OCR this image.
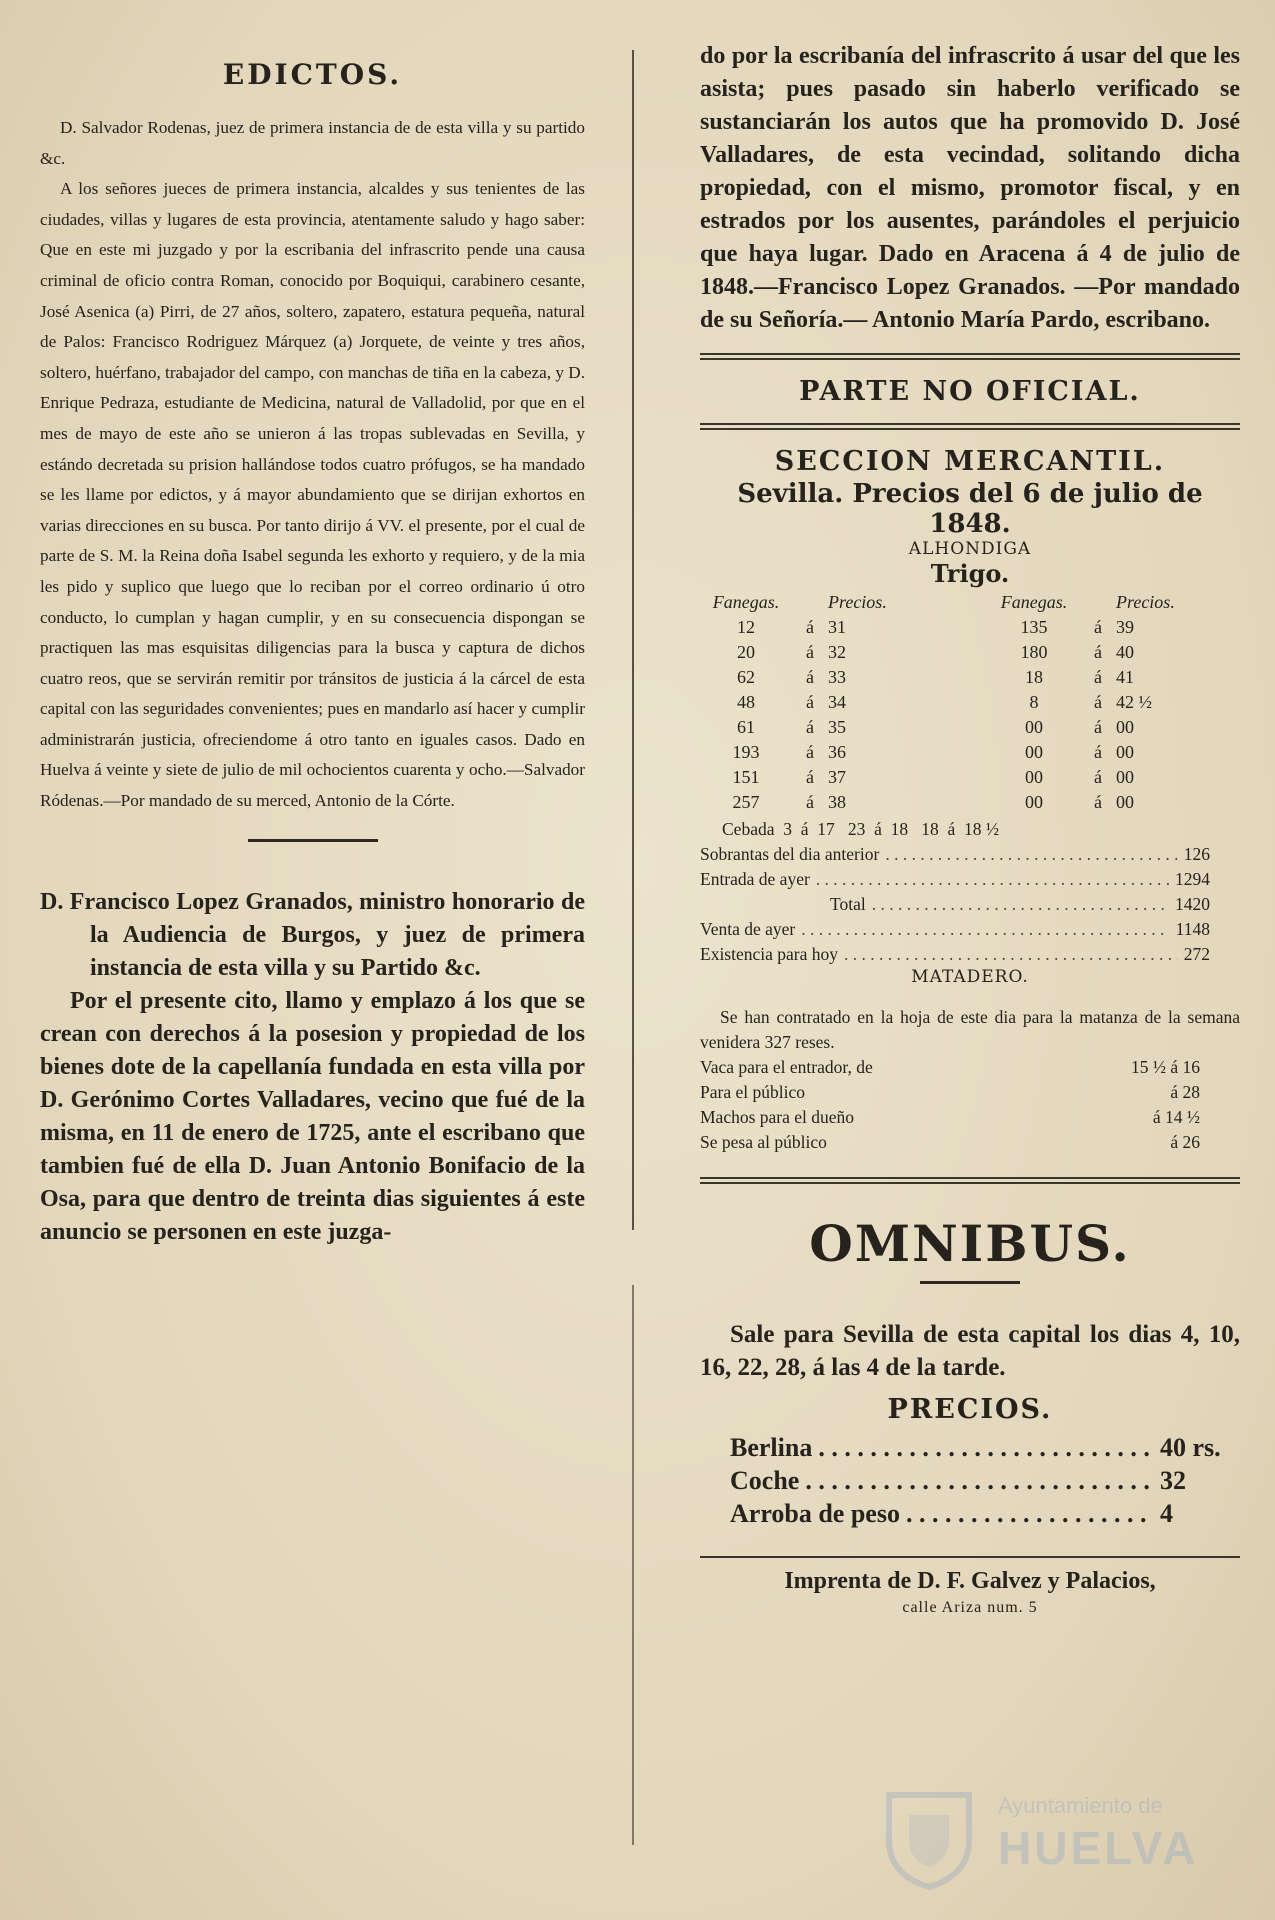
EDICTOS.

D. Salvador Rodenas, juez de primera instancia de de esta villa y su partido &c.

A los señores jueces de primera instancia, alcaldes y sus tenientes de las ciudades, villas y lugares de esta provincia, atentamente saludo y hago saber: Que en este mi juzgado y por la escribania del infrascrito pende una causa criminal de oficio contra Roman, conocido por Boquiqui, carabinero cesante, José Asenica (a) Pirri, de 27 años, soltero, zapatero, estatura pequeña, natural de Palos: Francisco Rodriguez Márquez (a) Jorquete, de veinte y tres años, soltero, huérfano, trabajador del campo, con manchas de tiña en la cabeza, y D. Enrique Pedraza, estudiante de Medicina, natural de Valladolid, por que en el mes de mayo de este año se unieron á las tropas sublevadas en Sevilla, y estándo decretada su prision hallándose todos cuatro prófugos, se ha mandado se les llame por edictos, y á mayor abundamiento que se dirijan exhortos en varias direcciones en su busca. Por tanto dirijo á VV. el presente, por el cual de parte de S. M. la Reina doña Isabel segunda les exhorto y requiero, y de la mia les pido y suplico que luego que lo reciban por el correo ordinario ú otro conducto, lo cumplan y hagan cumplir, y en su consecuencia dispongan se practiquen las mas esquisitas diligencias para la busca y captura de dichos cuatro reos, que se servirán remitir por tránsitos de justicia á la cárcel de esta capital con las seguridades convenientes; pues en mandarlo así hacer y cumplir administrarán justicia, ofreciendome á otro tanto en iguales casos. Dado en Huelva á veinte y siete de julio de mil ochocientos cuarenta y ocho.—Salvador Ródenas.—Por mandado de su merced, Antonio de la Córte.

D. Francisco Lopez Granados, ministro honorario de la Audiencia de Burgos, y juez de primera instancia de esta villa y su Partido &c.

Por el presente cito, llamo y emplazo á los que se crean con derechos á la posesion y propiedad de los bienes dote de la capellanía fundada en esta villa por D. Gerónimo Cortes Valladares, vecino que fué de la misma, en 11 de enero de 1725, ante el escribano que tambien fué de ella D. Juan Antonio Bonifacio de la Osa, para que dentro de treinta dias siguientes á este anuncio se personen en este juzga-

do por la escribanía del infrascrito á usar del que les asista; pues pasado sin haberlo verificado se sustanciarán los autos que ha promovido D. José Valladares, de esta vecindad, solitando dicha propiedad, con el mismo, promotor fiscal, y en estrados por los ausentes, parándoles el perjuicio que haya lugar. Dado en Aracena á 4 de julio de 1848.—Francisco Lopez Granados. —Por mandado de su Señoría.— Antonio María Pardo, escribano.

PARTE NO OFICIAL.
SECCION MERCANTIL.
Sevilla. Precios del 6 de julio de 1848.
ALHONDIGA
Trigo.
Fanegas.		Precios.		Fanegas.		Precios.
12	á	31		135	á	39
20	á	32		180	á	40
62	á	33		18	á	41
48	á	34		8	á	42 ½
61	á	35		00	á	00
193	á	36		00	á	00
151	á	37		00	á	00
257	á	38		00	á	00
Cebada  3  á  17   23  á  18   18  á  18 ½
Sobrantas del dia anterior . . .	126
Entrada de ayer . . .	1294
Total . . .	1420
Venta de ayer . . .	1148
Existencia para hoy . . .	272
MATADERO.

Se han contratado en la hoja de este dia para la matanza de la semana venidera 327 reses.

Vaca para el entrador, de	15 ½ á 16
Para el público	á 28
Machos para el dueño	á 14 ½
Se pesa al público	á 26
OMNIBUS.

Sale para Sevilla de esta capital los dias 4, 10, 16, 22, 28, á las 4 de la tarde.

PRECIOS.
Berlina . . .	40 rs.
Coche . . .	32
Arroba de peso . . .	4
Imprenta de D. F. Galvez y Palacios,
calle Ariza num. 5
Ayuntamiento de
HUELVA
